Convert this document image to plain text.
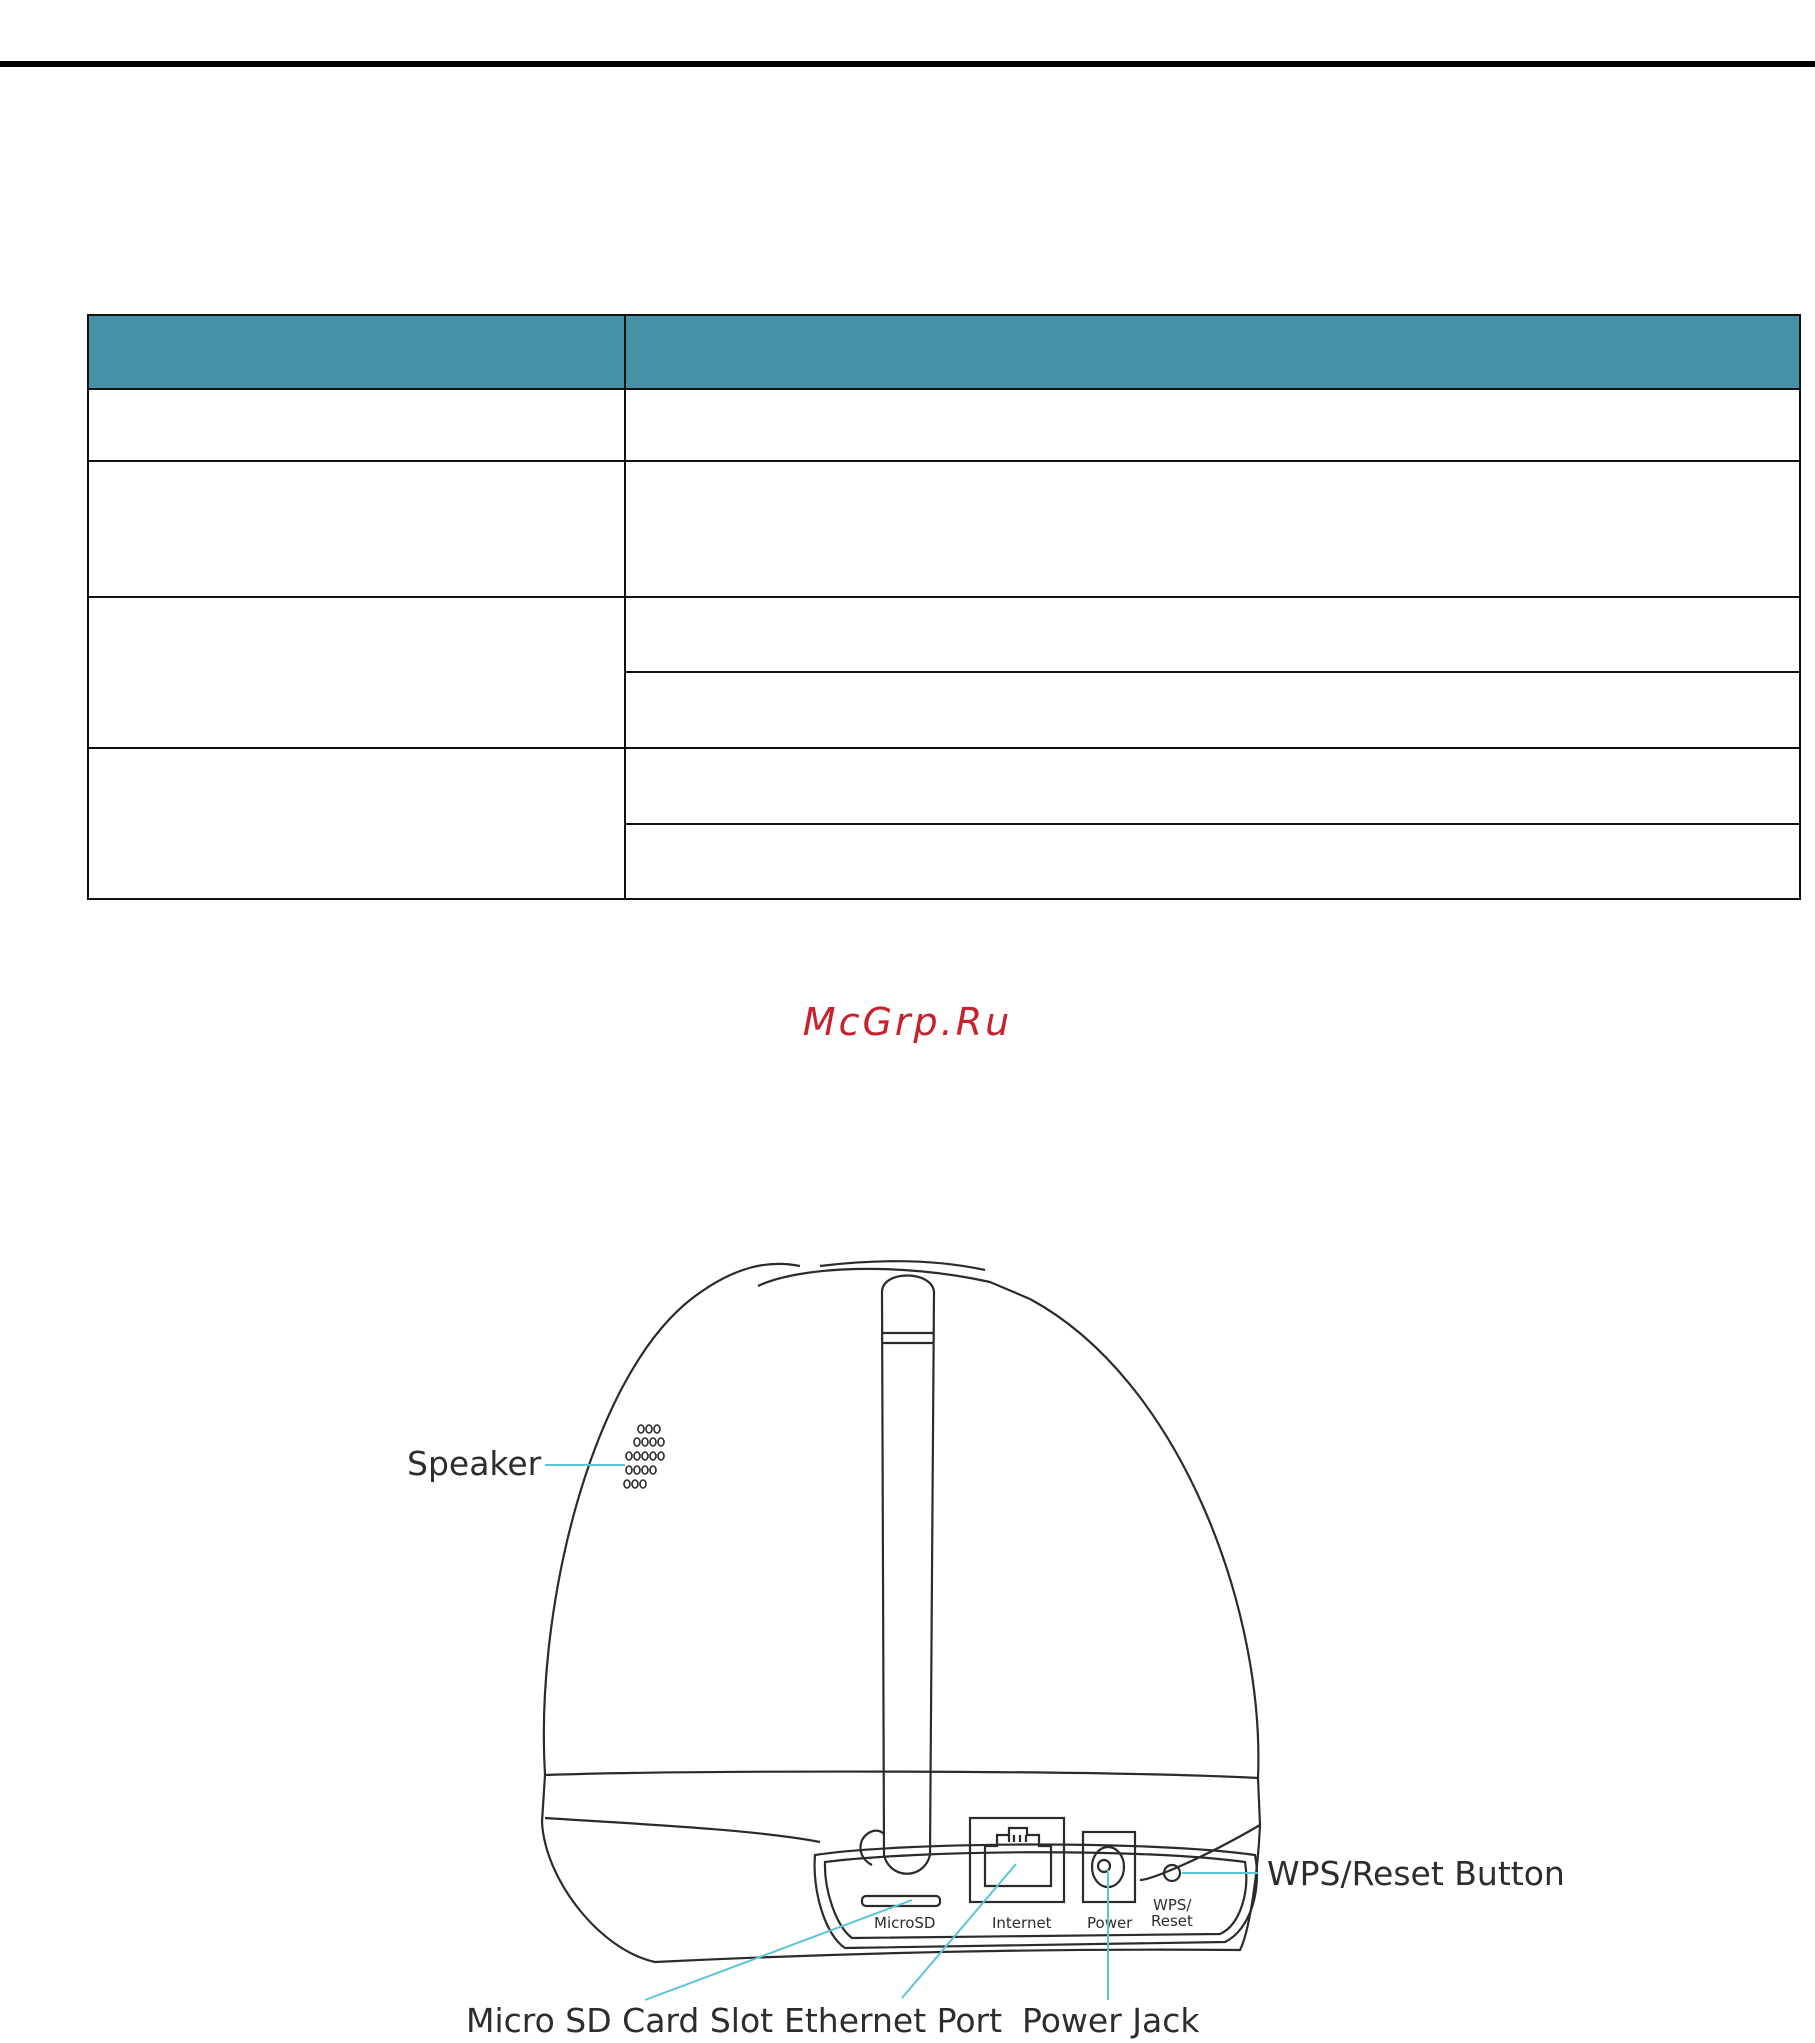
McGrp.Ru
MicroSD	Internet Power
WPS/
Reset
Speaker
WPS/Reset Button
Micro SD Card Slot Ethernet Port Power Jack
